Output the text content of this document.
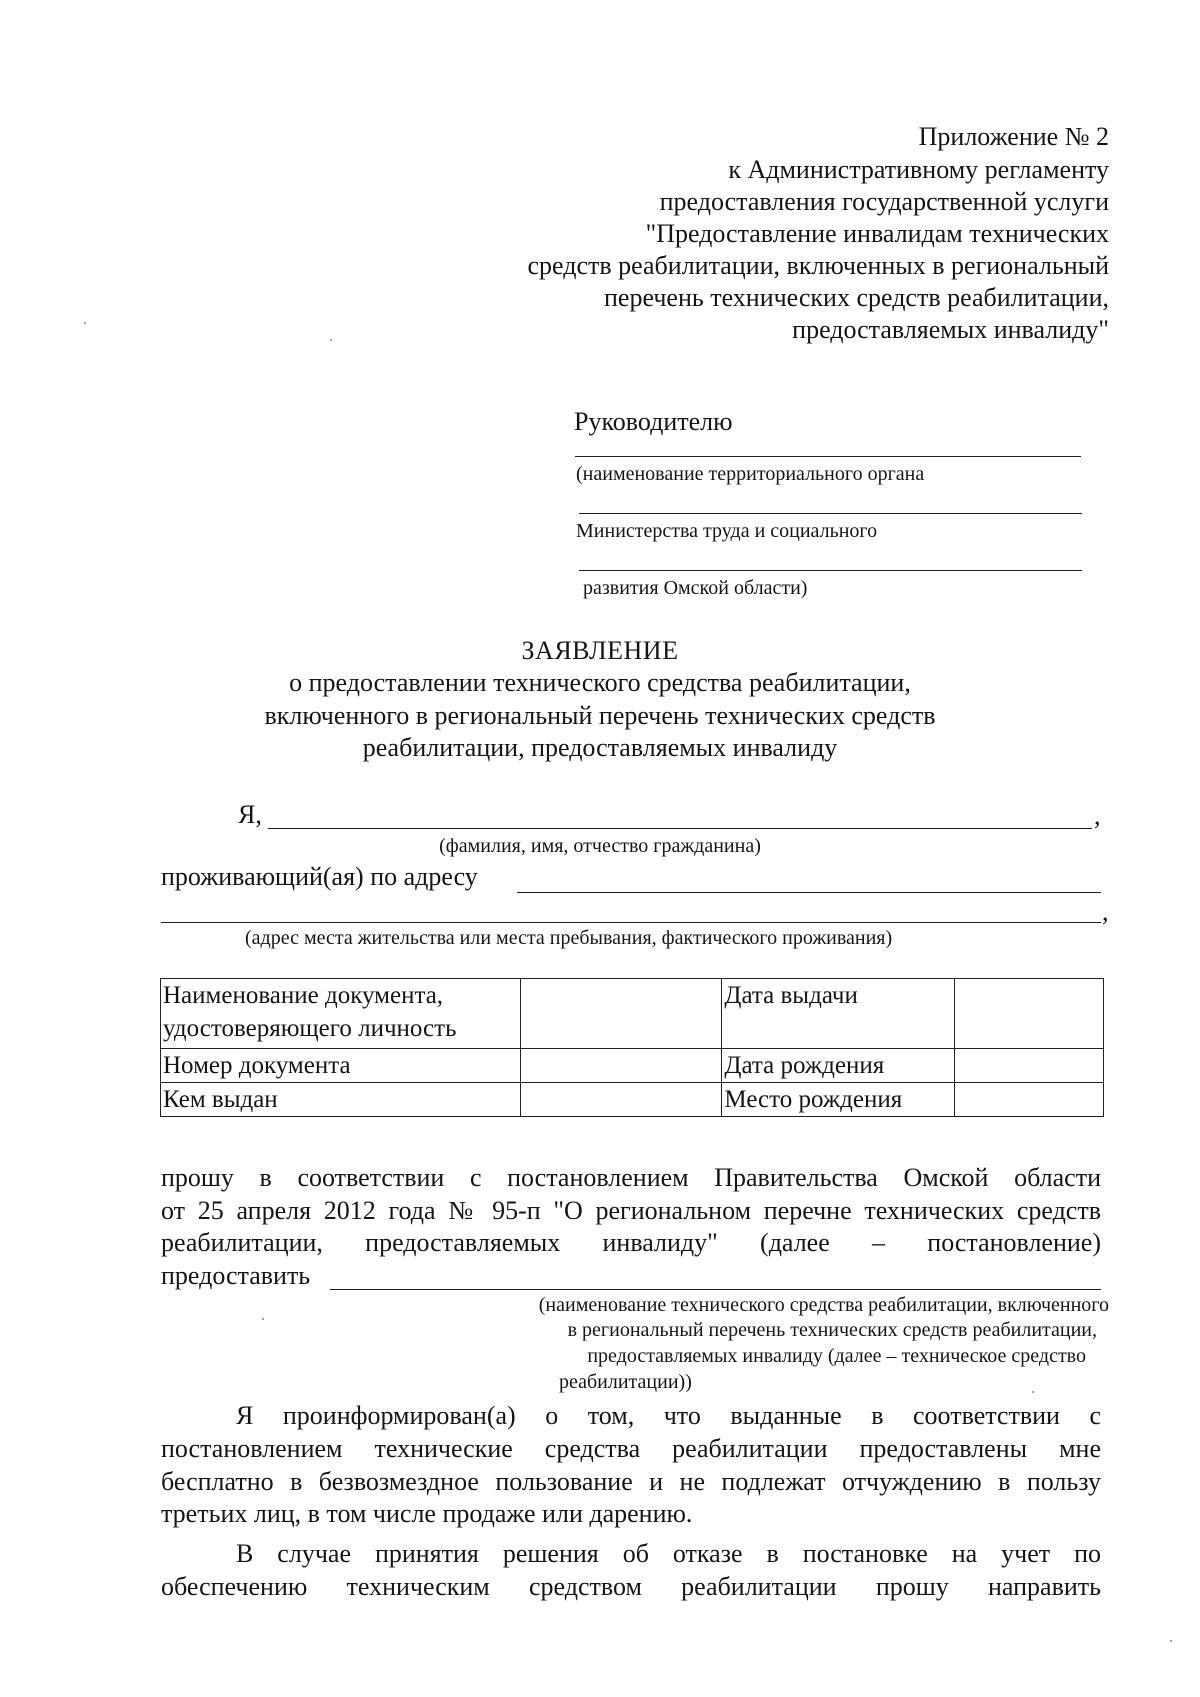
Приложение № 2
к Административному регламенту
предоставления государственной услуги
"Предоставление инвалидам технических
средств реабилитации, включенных в региональный
перечень технических средств реабилитации,
предоставляемых инвалиду"
Руководителю
(наименование территориального органа
Министерства труда и социального
развития Омской области)
ЗАЯВЛЕНИЕ
о предоставлении технического средства реабилитации,
включенного в региональный перечень технических средств
реабилитации, предоставляемых инвалиду
Я,	,
(фамилия, имя, отчество гражданина)
проживающий(ая) по адресу
,
(адрес места жительства или места пребывания, фактического проживания)
Наименование документа, удостоверяющего личность		Дата выдачи	
Номер документа		Дата рождения	
Кем выдан		Место рождения	
прошу в соответствии с постановлением Правительства Омской области
от 25 апреля 2012 года № 95-п "О региональном перечне технических средств
реабилитации, предоставляемых инвалиду" (далее – постановление)
предоставить
(наименование технического средства реабилитации, включенного
в региональный перечень технических средств реабилитации,
предоставляемых инвалиду (далее – техническое средство
реабилитации))
Я проинформирован(а) о том, что выданные в соответствии с
постановлением технические средства реабилитации предоставлены мне
бесплатно в безвозмездное пользование и не подлежат отчуждению в пользу
третьих лиц, в том числе продаже или дарению.
В случае принятия решения об отказе в постановке на учет по
обеспечению техническим средством реабилитации прошу направить
